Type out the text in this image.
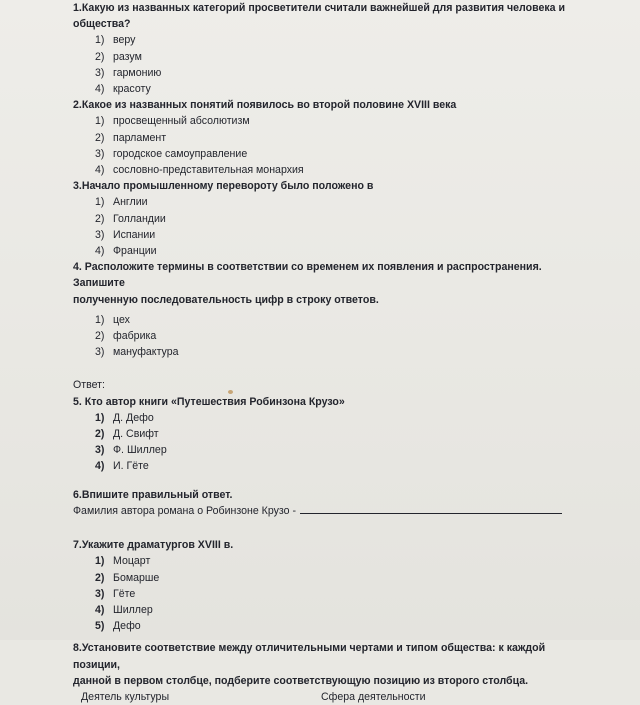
1.Какую из названных категорий просветители считали важнейшей для развития человека и
общества?

1) веру
2) разум
3) гармонию
4) красоту

2.Какое из названных понятий появилось во второй половине XVIII века

1) просвещенный абсолютизм
2) парламент
3) городское самоуправление
4) сословно-представительная монархия

3.Начало промышленному перевороту было положено в

1) Англии
2) Голландии
3) Испании
4) Франции

4. Расположите термины в соответствии со временем их появления и распространения. Запишите
полученную последовательность цифр в строку ответов.

1) цех
2) фабрика
3) мануфактура
Ответ:

5. Кто автор книги «Путешествия Робинзона Крузо»

1) Д. Дефо
2) Д. Свифт
3) Ф. Шиллер
4) И. Гёте

6.Впишите правильный ответ.

Фамилия автора романа о Робинзоне Крузо -

7.Укажите драматургов XVIII в.

1) Моцарт
2) Бомарше
3) Гёте
4) Шиллер
5) Дефо

8.Установите соответствие между отличительными чертами и типом общества: к каждой позиции,
данной в первом столбце, подберите соответствующую позицию из второго столбца.

Деятель культуры	Сфера деятельности
